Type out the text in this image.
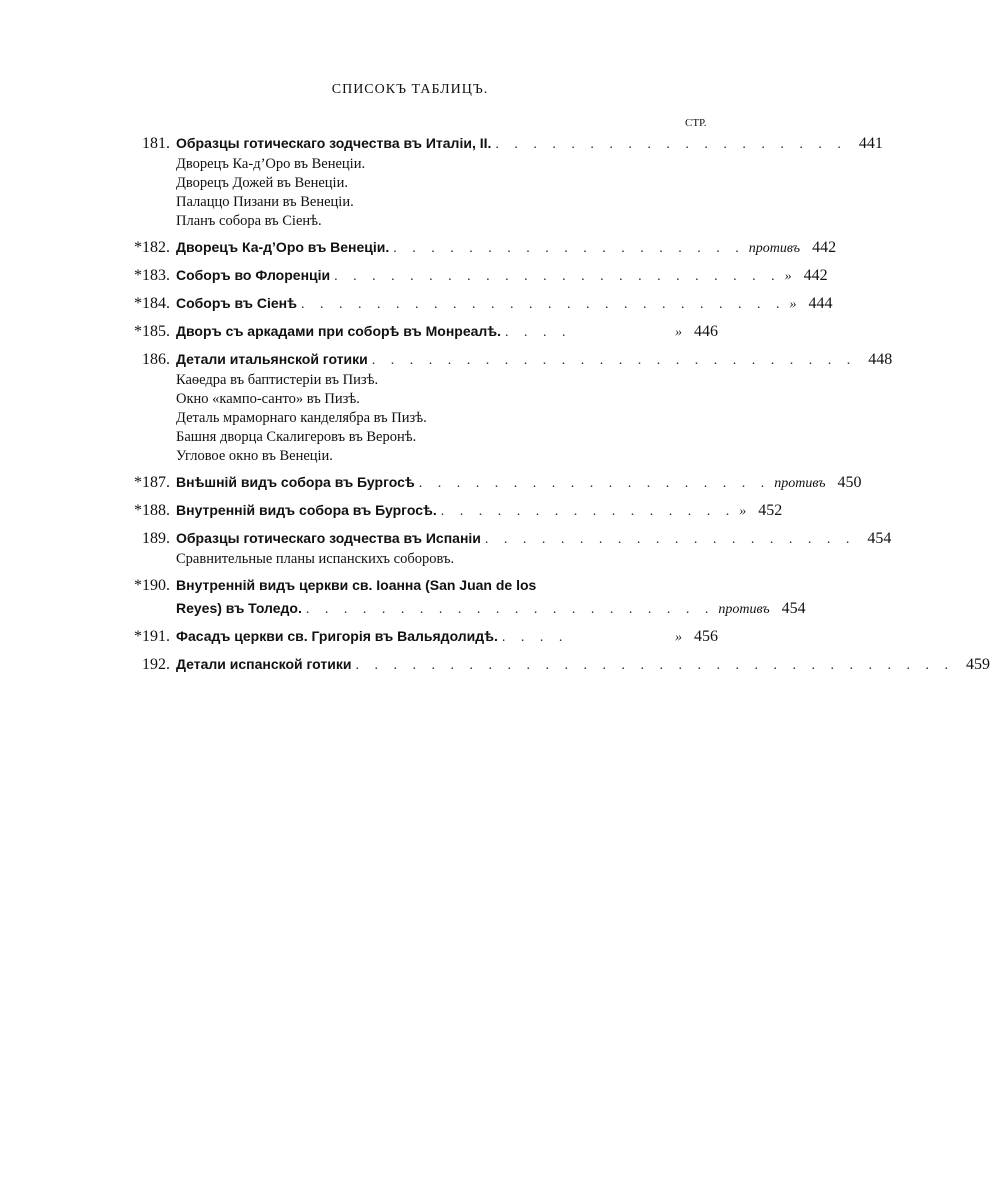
СПИСОКЪ ТАБЛИЦЪ.
СТР.
181. Образцы готическаго зодчества въ Италiи, II. . . . . . . . . . . . . . . . . . . . 441
Дворецъ Ка-д’Оро въ Венецiи.
Дворецъ Дожей въ Венецiи.
Палаццо Пизани въ Венецiи.
Планъ собора въ Сiенѣ.
*182. Дворецъ Ка-д’Оро въ Венецiи. . . . . . . . . . . . . . . . . . . . противъ 442
*183. Соборъ во Флоренцiи . . . . . . . . . . . . . . . . . . . . . . . . » 442
*184. Соборъ въ Сiенѣ . . . . . . . . . . . . . . . . . . . . . . . . . . » 444
*185. Дворъ съ аркадами при соборѣ въ Монреалѣ. . . . .	» 446
186. Детали итальянской готики . . . . . . . . . . . . . . . . . . . . . . . . . . 448
Каѳедра въ баптистерiи въ Пизѣ.
Окно «кампо-санто» въ Пизѣ.
Деталь мраморнаго канделябра въ Пизѣ.
Башня дворца Скалигеровъ въ Веронѣ.
Угловое окно въ Венецiи.
*187. Внѣшнiй видъ собора въ Бургосѣ . . . . . . . . . . . . . . . . . . . противъ 450
*188. Внутреннiй видъ собора въ Бургосѣ. . . . . . . . . . . . . . . . . » 452
189. Образцы готическаго зодчества въ Испанiи . . . . . . . . . . . . . . . . . . . . 454
Сравнительные планы испанскихъ соборовъ.
*190. Внутреннiй видъ церкви св. Iоанна (San Juan de los
Reyes) въ Толедо. . . . . . . . . . . . . . . . . . . . . . . противъ 454
*191. Фасадъ церкви св. Григорiя въ Вальядолидѣ. . . . .	» 456
192. Детали испанской готики . . . . . . . . . . . . . . . . . . . . . . . . . . . . . . . . 459
